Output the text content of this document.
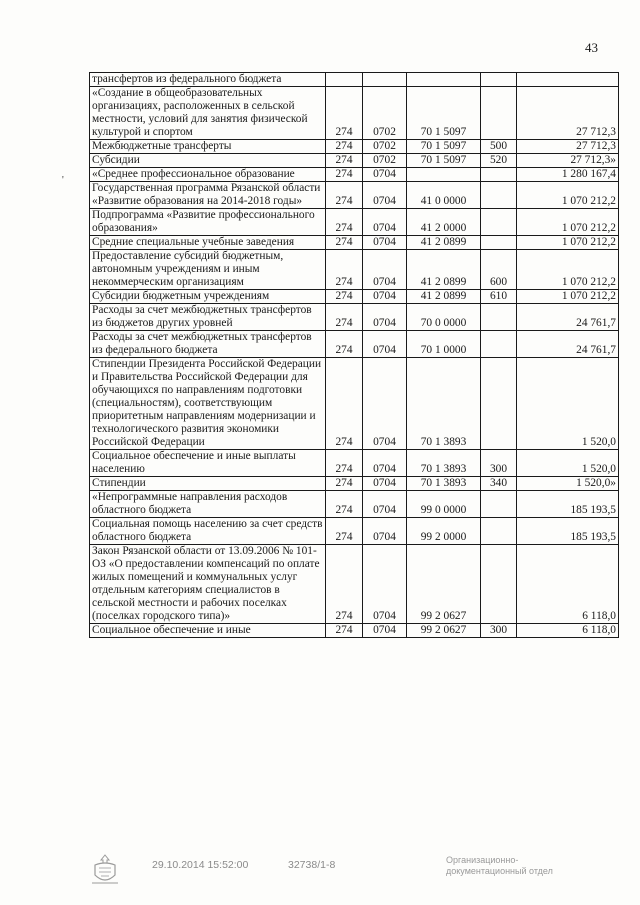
43
'
трансфертов из федерального бюджета					
«Создание в общеобразовательных организациях, расположенных в сельской местности, условий для занятия физической культурой и спортом	274	0702	70 1 5097		27 712,3
Межбюджетные трансферты	274	0702	70 1 5097	500	27 712,3
Субсидии	274	0702	70 1 5097	520	27 712,3»
«Среднее профессиональное образование	274	0704			1 280 167,4
Государственная программа Рязанской области «Развитие образования на 2014-2018 годы»	274	0704	41 0 0000		1 070 212,2
Подпрограмма «Развитие профессионального образования»	274	0704	41 2 0000		1 070 212,2
Средние специальные учебные заведения	274	0704	41 2 0899		1 070 212,2
Предоставление субсидий бюджетным, автономным учреждениям и иным некоммерческим организациям	274	0704	41 2 0899	600	1 070 212,2
Субсидии бюджетным учреждениям	274	0704	41 2 0899	610	1 070 212,2
Расходы за счет межбюджетных трансфертов из бюджетов других уровней	274	0704	70 0 0000		24 761,7
Расходы за счет межбюджетных трансфертов из федерального бюджета	274	0704	70 1 0000		24 761,7
Стипендии Президента Российской Федерации и Правительства Российской Федерации для обучающихся по направлениям подготовки (специальностям), соответствующим приоритетным направлениям модернизации и технологического развития экономики Российской Федерации	274	0704	70 1 3893		1 520,0
Социальное обеспечение и иные выплаты населению	274	0704	70 1 3893	300	1 520,0
Стипендии	274	0704	70 1 3893	340	1 520,0»
«Непрограммные направления расходов областного бюджета	274	0704	99 0 0000		185 193,5
Социальная помощь населению за счет средств областного бюджета	274	0704	99 2 0000		185 193,5
Закон Рязанской области от 13.09.2006 № 101-ОЗ «О предоставлении компенсаций по оплате жилых помещений и коммунальных услуг отдельным категориям специалистов в сельской местности и рабочих поселках (поселках городского типа)»	274	0704	99 2 0627		6 118,0
Социальное обеспечение и иные	274	0704	99 2 0627	300	6 118,0
29.10.2014 15:52:00	32738/1-8	Организационно-
документационный отдел
